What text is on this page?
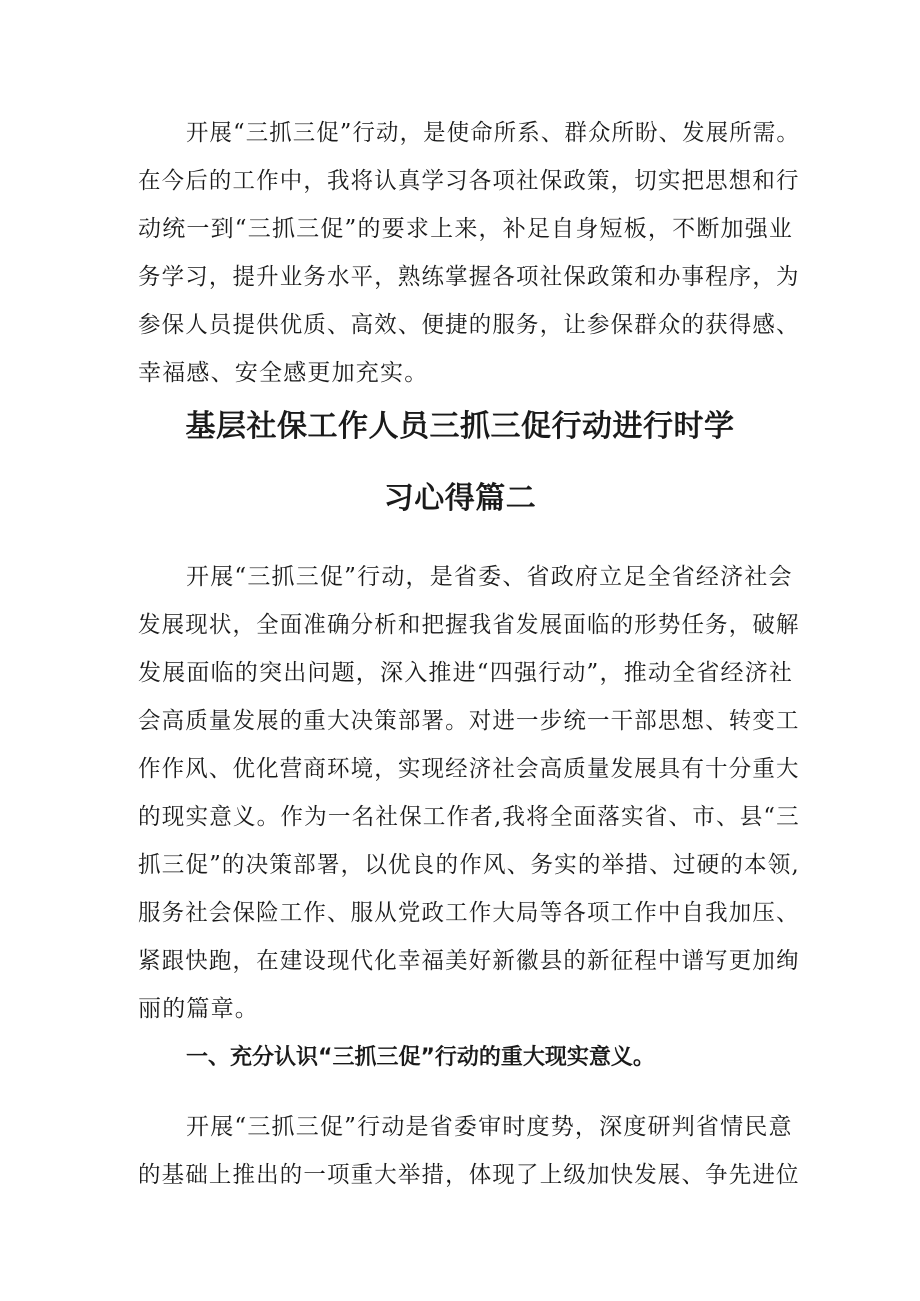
开展“三抓三促”行动，是使命所系、群众所盼、发展所需。
在今后的工作中，我将认真学习各项社保政策，切实把思想和行
动统一到“三抓三促”的要求上来，补足自身短板，不断加强业
务学习，提升业务水平，熟练掌握各项社保政策和办事程序，为
参保人员提供优质、高效、便捷的服务，让参保群众的获得感、
幸福感、安全感更加充实。
基层社保工作人员三抓三促行动进行时学
习心得篇二
开展“三抓三促”行动，是省委、省政府立足全省经济社会
发展现状，全面准确分析和把握我省发展面临的形势任务，破解
发展面临的突出问题，深入推进“四强行动”，推动全省经济社
会高质量发展的重大决策部署。对进一步统一干部思想、转变工
作作风、优化营商环境，实现经济社会高质量发展具有十分重大
的现实意义。作为一名社保工作者,我将全面落实省、市、县“三
抓三促”的决策部署，以优良的作风、务实的举措、过硬的本领,
服务社会保险工作、服从党政工作大局等各项工作中自我加压、
紧跟快跑，在建设现代化幸福美好新徽县的新征程中谱写更加绚
丽的篇章。
一、充分认识“三抓三促”行动的重大现实意义。
开展“三抓三促”行动是省委审时度势，深度研判省情民意
的基础上推出的一项重大举措，体现了上级加快发展、争先进位
